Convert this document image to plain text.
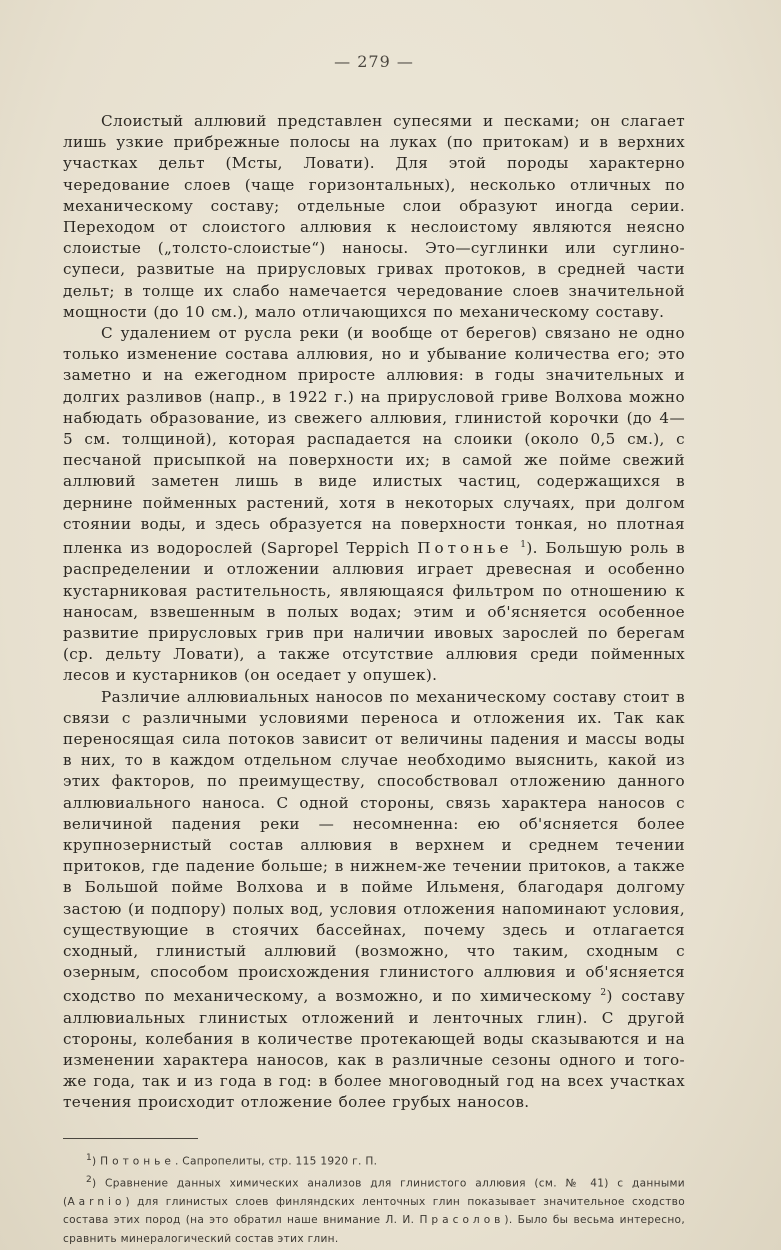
— 279 —

Слоистый аллювий представлен супесями и песками; он слагает лишь узкие прибрежные полосы на луках (по притокам) и в верхних участках дельт (Мсты, Ловати). Для этой породы характерно чередование слоев (чаще горизонтальных), несколько отличных по механическому составу; отдельные слои образуют иногда серии. Переходом от слоистого аллювия к неслоистому являются неясно слоистые („толсто-слоистые“) наносы. Это—суглинки или суглино-супеси, развитые на прирусловых гривах протоков, в средней части дельт; в толще их слабо намечается чередование слоев значительной мощности (до 10 см.), мало отличающихся по механическому составу.

С удалением от русла реки (и вообще от берегов) связано не одно только изменение состава аллювия, но и убывание количества его; это заметно и на ежегодном приросте аллювия: в годы значительных и долгих разливов (напр., в 1922 г.) на прирусловой гриве Волхова можно набюдать образование, из свежего аллювия, глинистой корочки (до 4—5 см. толщиной), которая распадается на слоики (около 0,5 см.), с песчаной присыпкой на поверхности их; в самой же пойме свежий аллювий заметен лишь в виде илистых частиц, содержащихся в дернине пойменных растений, хотя в некоторых случаях, при долгом стоянии воды, и здесь образуется на поверхности тонкая, но плотная пленка из водорослей (Sapropel Teppich Потонье $^1$). Большую роль в распределении и отложении аллювия играет древесная и особенно кустарниковая растительность, являющаяся фильтром по отношению к наносам, взвешенным в полых водах; этим и об'ясняется особенное развитие прирусловых грив при наличии ивовых зарослей по берегам (ср. дельту Ловати), а также отсутствие аллювия среди пойменных лесов и кустарников (он оседает у опушек).

Различие аллювиальных наносов по механическому составу стоит в связи с различными условиями переноса и отложения их. Так как переносящая сила потоков зависит от величины падения и массы воды в них, то в каждом отдельном случае необходимо выяснить, какой из этих факторов, по преимуществу, способствовал отложению данного аллювиального наноса. С одной стороны, связь характера наносов с величиной падения реки — несомненна: ею об'ясняется более крупнозернистый состав аллювия в верхнем и среднем течении притоков, где падение больше; в нижнем-же течении притоков, а также в Большой пойме Волхова и в пойме Ильменя, благодаря долгому застою (и подпору) полых вод, условия отложения напоминают условия, существующие в стоячих бассейнах, почему здесь и отлагается сходный, глинистый аллювий (возможно, что таким, сходным с озерным, способом происхождения глинистого аллювия и об'ясняется сходство по механическому, а возможно, и по химическому $^2$) составу аллювиальных глинистых отложений и ленточных глин). С другой стороны, колебания в количестве протекающей воды сказываются и на изменении характера наносов, как в различные сезоны одного и того-же года, так и из года в год: в более многоводный год на всех участках течения происходит отложение более грубых наносов.

$^1$) Потонье. Сапропелиты, стр. 115 1920 г. П.

$^2$) Сравнение данных химических анализов для глинистого аллювия (см. № 41) с данными (Aarnio) для глинистых слоев финляндских ленточных глин показывает значительное сходство состава этих пород (на это обратил наше внимание Л. И. Прасолов). Было бы весьма интересно, сравнить минералогический состав этих глин.
